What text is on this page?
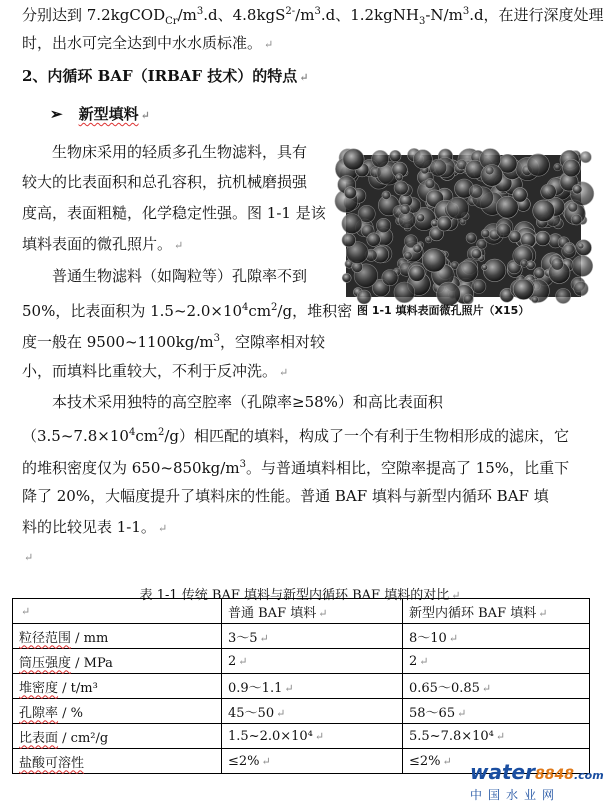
分别达到 $7.2kgCOD_{Cr}/m^3.d$、$4.8kgS^{2-}/m^3.d$、$1.2kgNH_3-N/m^3.d$，在进行深度处理
时，出水可完全达到中水水质标准。 ↵
2、内循环 BAF（IRBAF 技术）的特点 ↵
➢ 新型填料 ↵
生物床采用的轻质多孔生物滤料，具有
较大的比表面积和总孔容积，抗机械磨损强
度高，表面粗糙，化学稳定性强。图 1-1 是该
填料表面的微孔照片。 ↵
普通生物滤料（如陶粒等）孔隙率不到
50%，比表面积为 $1.5\sim 2.0\times 10^4cm^2/g$，堆积密
度一般在 $9500\sim 1100kg/m^3$，空隙率相对较
小，而填料比重较大，不利于反冲洗。 ↵
图 1-1 填料表面微孔照片（X15）
本技术采用独特的高空腔率（孔隙率≥58%）和高比表面积
$(3.5\sim 7.8\times 10^4cm^2/g)$相匹配的填料，构成了一个有利于生物相形成的滤床，它
的堆积密度仅为 $650\sim 850kg/m^3$。与普通填料相比，空隙率提高了 15%，比重下
降了 20%，大幅度提升了填料床的性能。普通 BAF 填料与新型内循环 BAF 填
料的比较见表 1-1。 ↵
↵
表 1-1 传统 BAF 填料与新型内循环 BAF 填料的对比 ↵
↵	普通 BAF 填料 ↵	新型内循环 BAF 填料 ↵
粒径范围 / mm	3～5 ↵	8～10 ↵
筒压强度 / MPa	2 ↵	2 ↵
堆密度 / t/m³	0.9～1.1 ↵	0.65～0.85 ↵
孔隙率 / %	45～50 ↵	58～65 ↵
比表面 / cm²/g	1.5~2.0×10⁴ ↵	5.5~7.8×10⁴ ↵
盐酸可溶性	≤2% ↵	≤2% ↵ water8848.com
中国水业网
